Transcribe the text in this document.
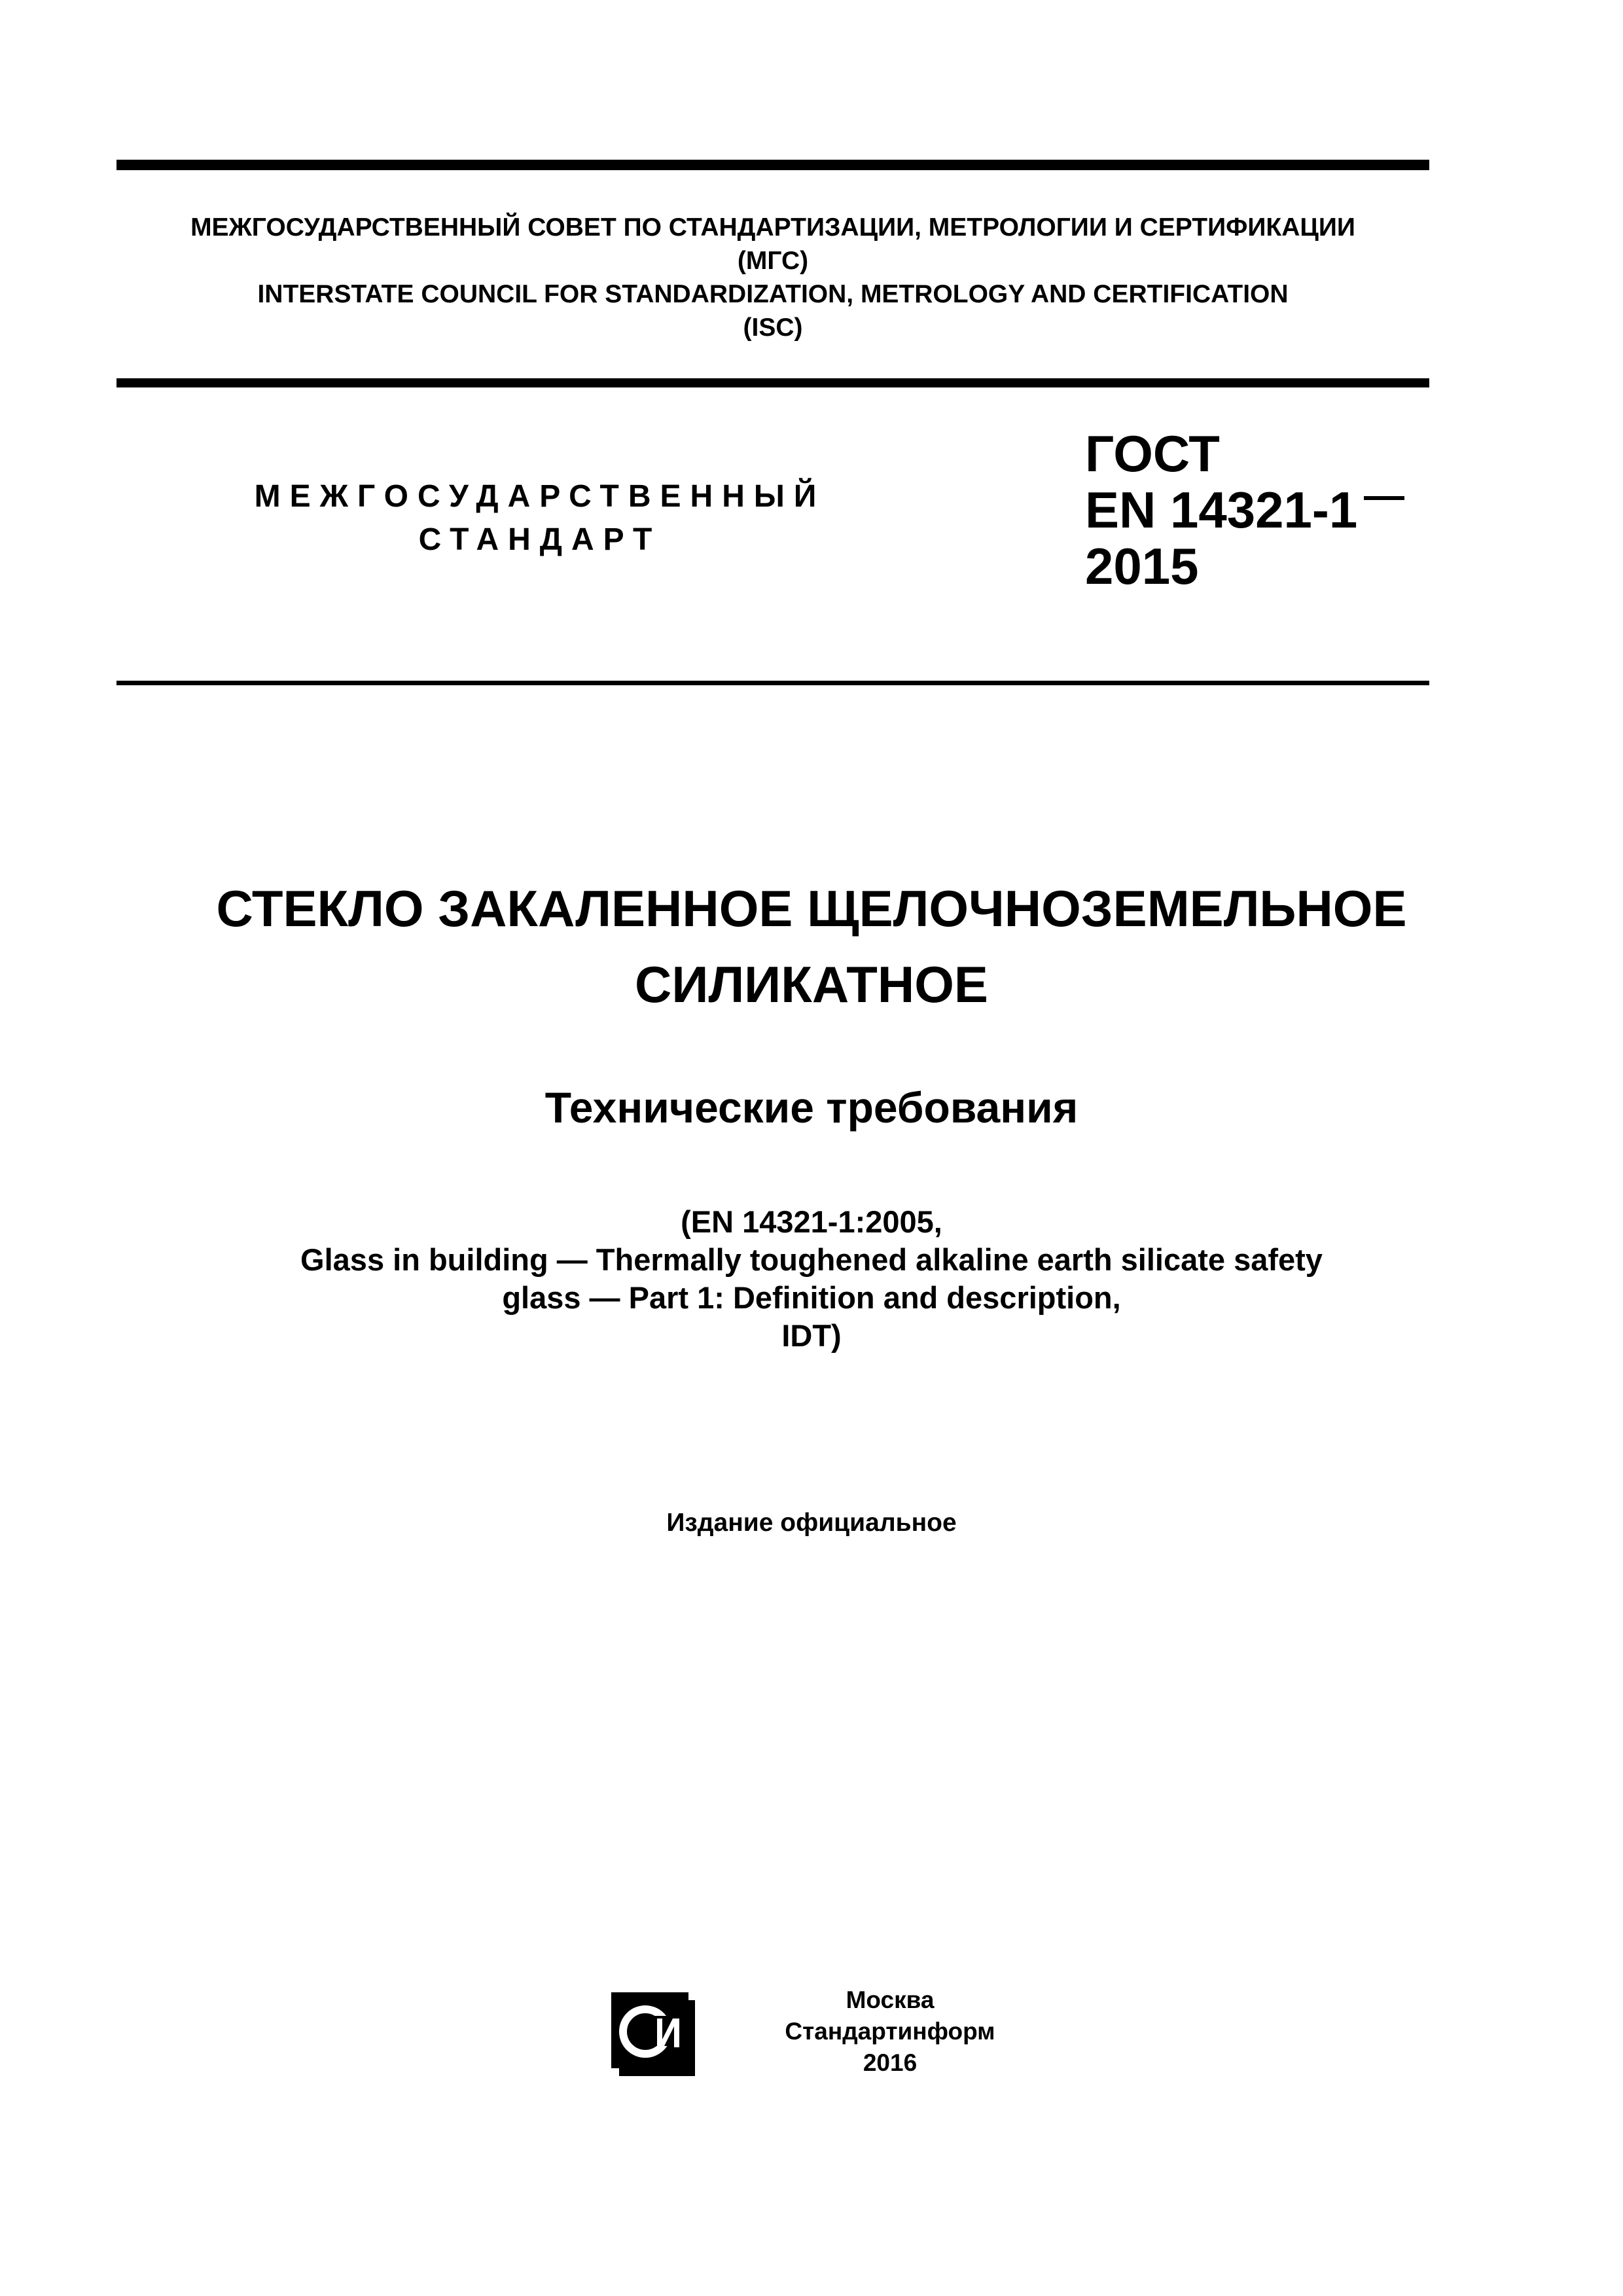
МЕЖГОСУДАРСТВЕННЫЙ СОВЕТ ПО СТАНДАРТИЗАЦИИ, МЕТРОЛОГИИ И СЕРТИФИКАЦИИ
(МГС)
INTERSTATE COUNCIL FOR STANDARDIZATION, METROLOGY AND CERTIFICATION
(ISC)
МЕЖГОСУДАРСТВЕННЫЙ
СТАНДАРТ
ГОСТ
EN 14321-1
2015
СТЕКЛО ЗАКАЛЕННОЕ ЩЕЛОЧНОЗЕМЕЛЬНОЕ
СИЛИКАТНОЕ
Технические требования
(EN 14321-1:2005,
Glass in building — Thermally toughened alkaline earth silicate safety
glass — Part 1: Definition and description,
IDT)
Издание официальное
Москва
Стандартинформ
2016
